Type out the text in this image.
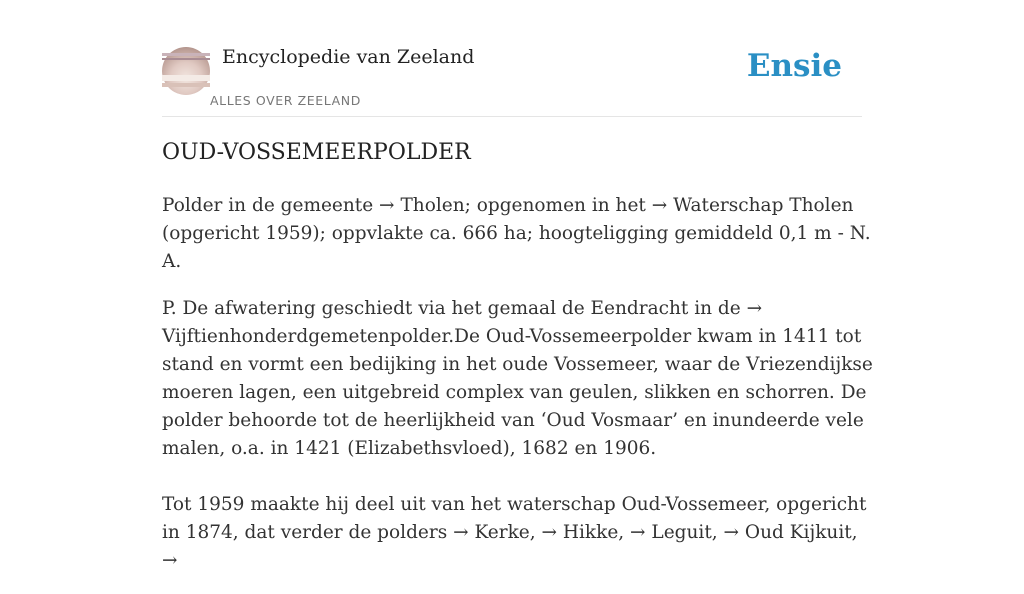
Encyclopedie van Zeeland
ALLES OVER ZEELAND
Ensie
OUD-VOSSEMEERPOLDER

Polder in de gemeente → Tholen; opgenomen in het → Waterschap Tholen (opgericht 1959); oppvlakte ca. 666 ha; hoogteligging gemiddeld 0,1 m - N. A.

P. De afwatering geschiedt via het gemaal de Eendracht in de → Vijftienhonderdgemetenpolder.De Oud-Vossemeerpolder kwam in 1411 tot stand en vormt een bedijking in het oude Vossemeer, waar de Vriezendijkse moeren lagen, een uitgebreid complex van geulen, slikken en schorren. De polder behoorde tot de heerlijkheid van ‘Oud Vosmaar’ en inundeerde vele malen, o.a. in 1421 (Elizabethsvloed), 1682 en 1906.

Tot 1959 maakte hij deel uit van het waterschap Oud-Vossemeer, opgericht in 1874, dat verder de polders → Kerke, → Hikke, → Leguit, → Oud Kijkuit, →
